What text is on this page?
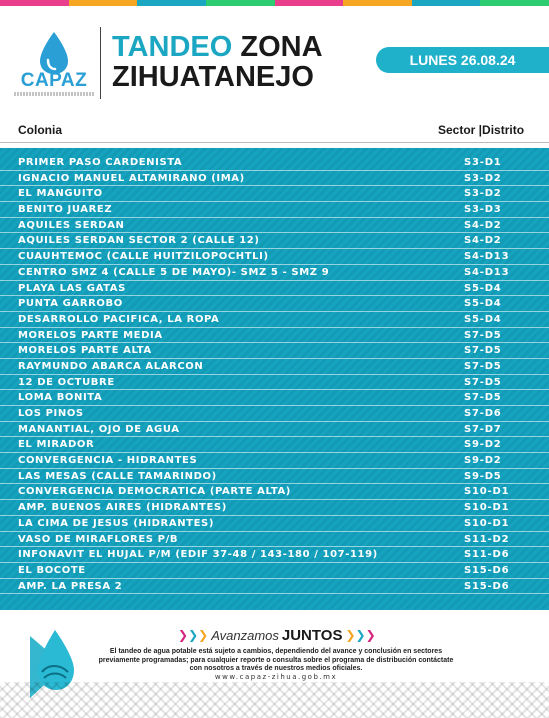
CAPAZ
TANDEO ZONA
ZIHUATANEJO
LUNES 26.08.24
Colonia	Sector |Distrito
PRIMER PASO CARDENISTA	S3-D1
IGNACIO MANUEL ALTAMIRANO (IMA)	S3-D2
EL MANGUITO	S3-D2
BENITO JUAREZ	S3-D3
AQUILES SERDAN	S4-D2
AQUILES SERDAN SECTOR 2 (CALLE 12)	S4-D2
CUAUHTEMOC (CALLE HUITZILOPOCHTLI)	S4-D13
CENTRO SMZ 4 (CALLE 5 DE MAYO)- SMZ 5 - SMZ 9	S4-D13
PLAYA LAS GATAS	S5-D4
PUNTA GARROBO	S5-D4
DESARROLLO PACIFICA, LA ROPA	S5-D4
MORELOS PARTE MEDIA	S7-D5
MORELOS PARTE ALTA	S7-D5
RAYMUNDO ABARCA ALARCON	S7-D5
12 DE OCTUBRE	S7-D5
LOMA BONITA	S7-D5
LOS PINOS	S7-D6
MANANTIAL, OJO DE AGUA	S7-D7
EL MIRADOR	S9-D2
CONVERGENCIA - HIDRANTES	S9-D2
LAS MESAS (CALLE TAMARINDO)	S9-D5
CONVERGENCIA DEMOCRATICA (PARTE ALTA)	S10-D1
AMP. BUENOS AIRES (HIDRANTES)	S10-D1
LA CIMA DE JESUS (HIDRANTES)	S10-D1
VASO DE MIRAFLORES P/B	S11-D2
INFONAVIT EL HUJAL P/M (EDIF 37-48 / 143-180 / 107-119)	S11-D6
EL BOCOTE	S15-D6
AMP. LA PRESA 2	S15-D6
❯❯❯ Avanzamos JUNTOS ❯❯❯
El tandeo de agua potable está sujeto a cambios, dependiendo del avance y conclusión en sectores previamente programadas; para cualquier reporte o consulta sobre el programa de distribución contáctate con nosotros a través de nuestros medios oficiales.
www.capaz-zihua.gob.mx
